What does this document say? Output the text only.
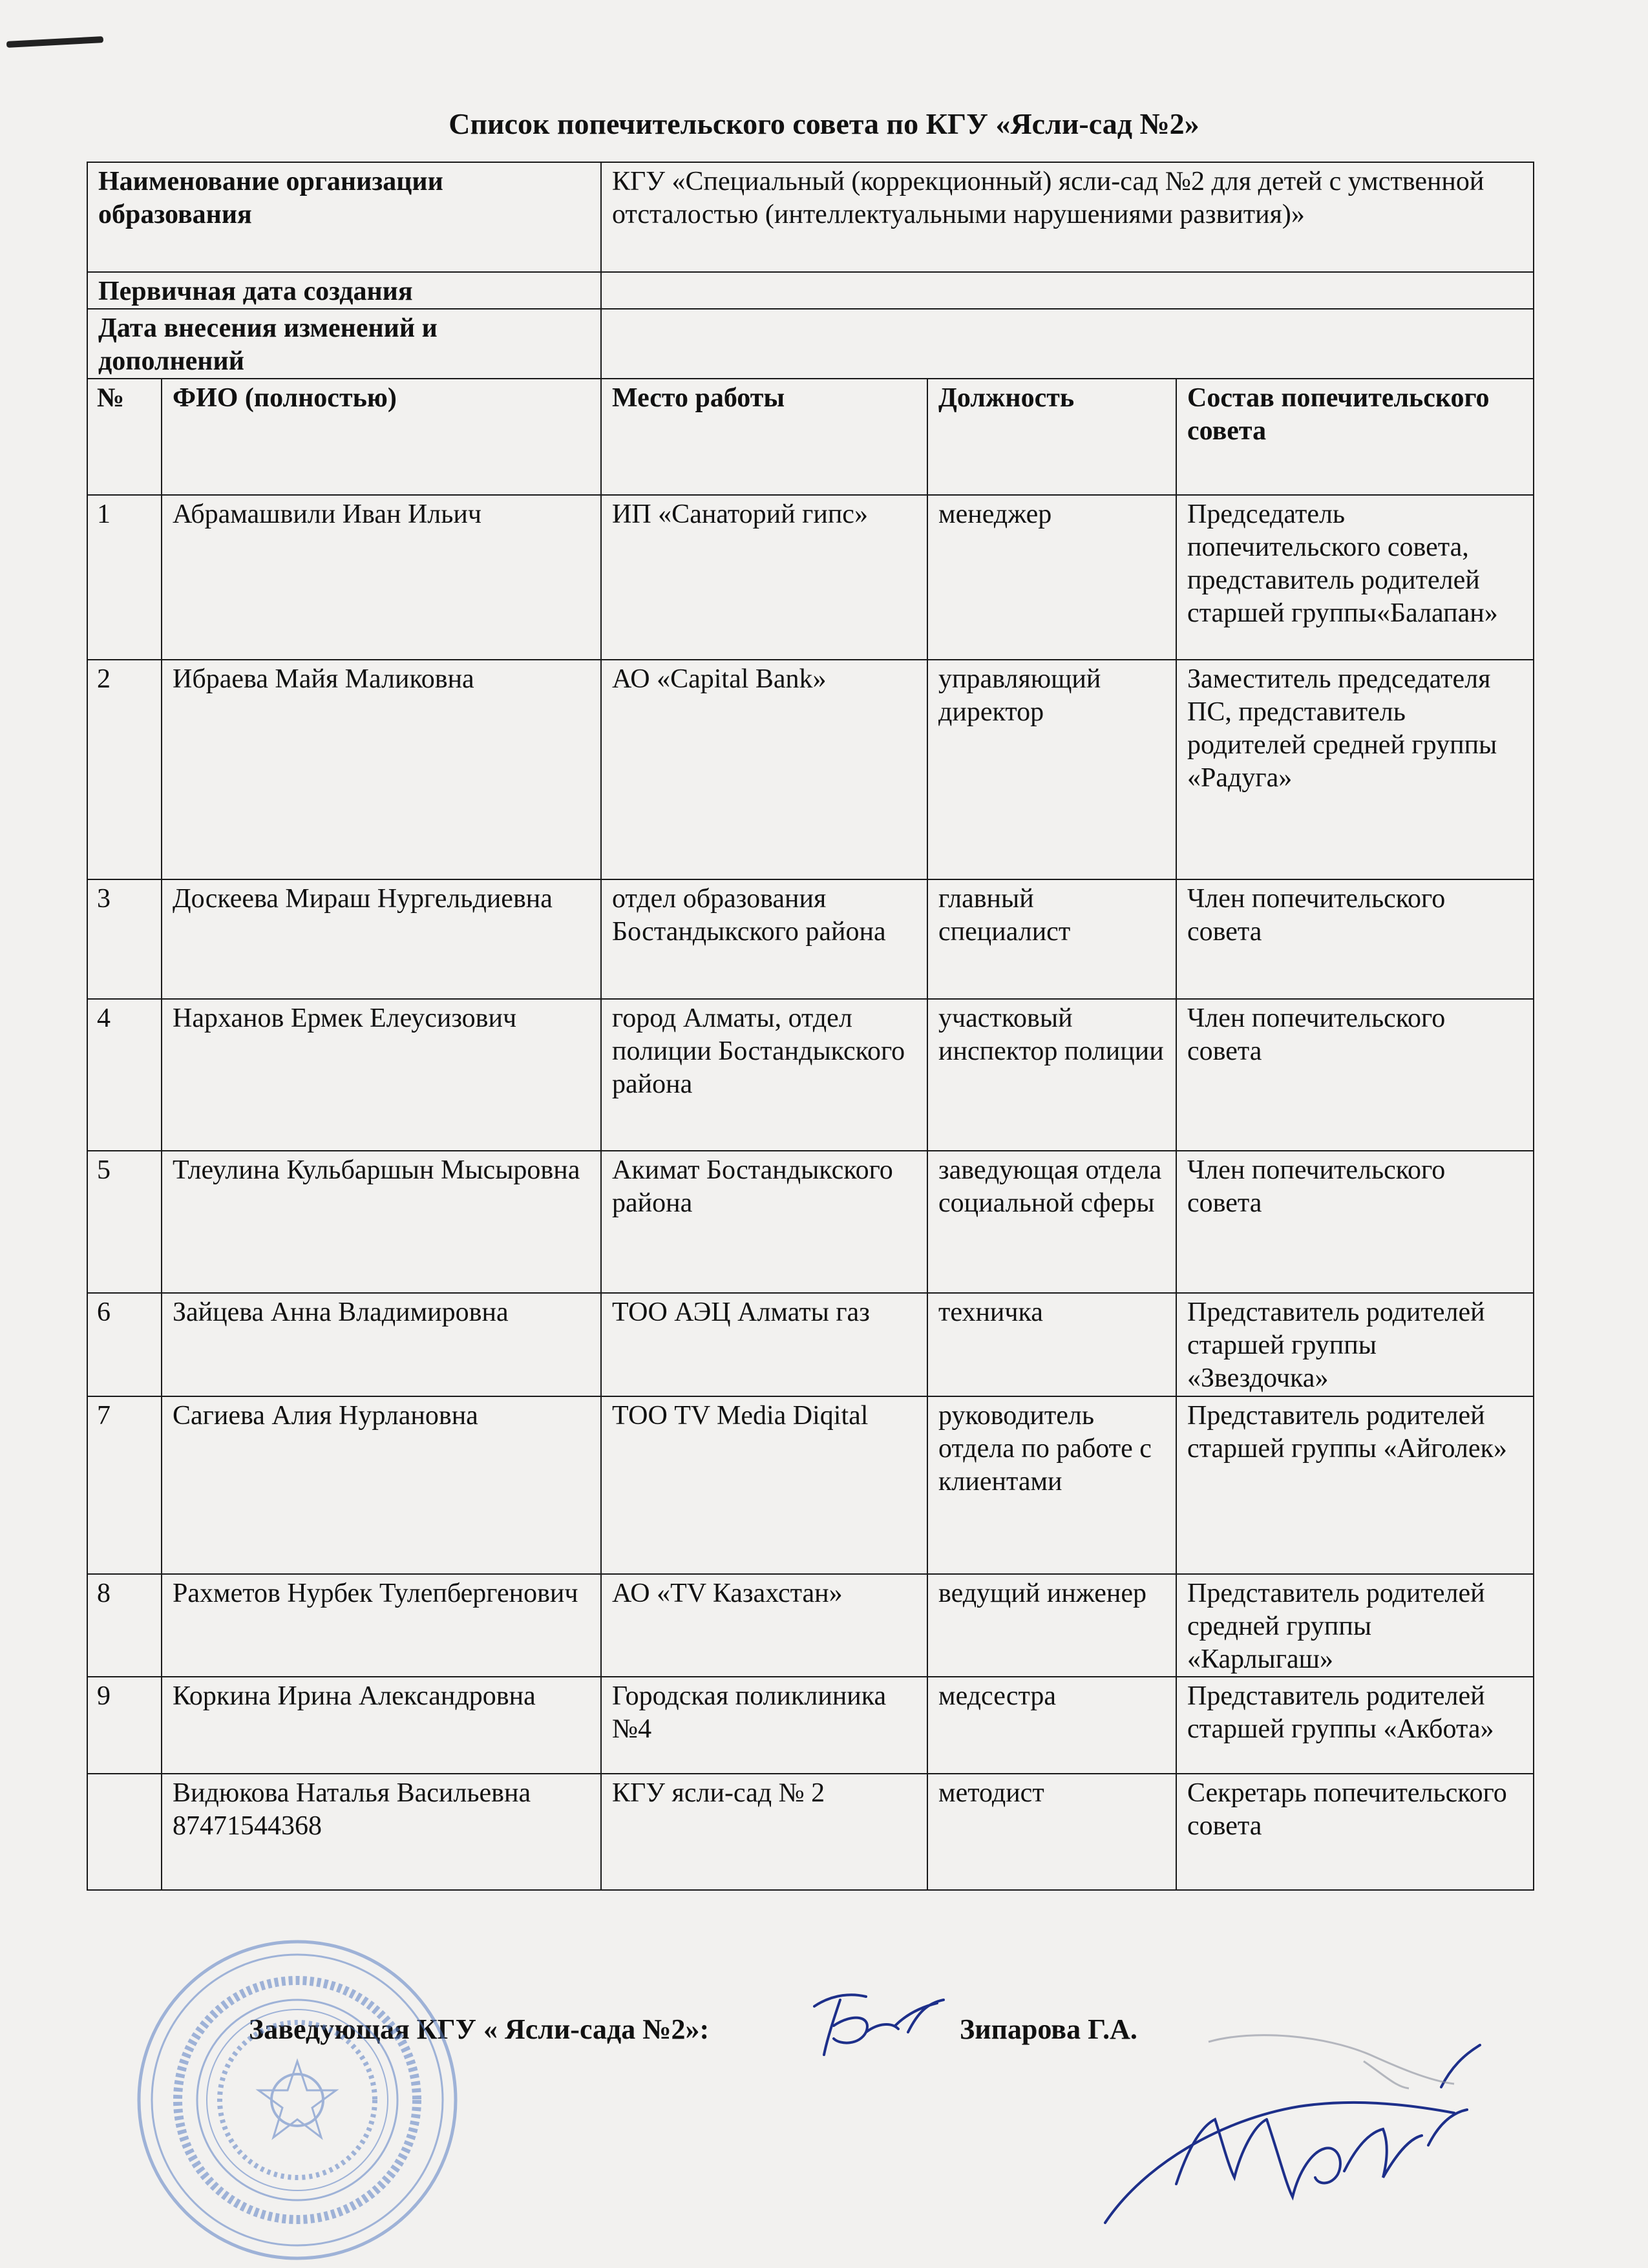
Список попечительского совета по КГУ «Ясли-сад №2»
Наименование организации образования		КГУ «Специальный (коррекционный) ясли-сад №2 для детей с умственной отсталостью (интеллектуальными нарушениями развития)»		
Первичная дата создания				
Дата внесения изменений и дополнений				
№	ФИО (полностью)	Место работы	Должность	Состав попечительского совета
1	Абрамашвили Иван Ильич	ИП «Санаторий гипс»	менеджер	Председатель попечительского совета, представитель родителей старшей группы«Балапан»
2	Ибраева Майя Маликовна	АО «Capital Bank»	управляющий директор	Заместитель председателя ПС, представитель родителей средней группы «Радуга»
3	Доскеева Мираш Нургельдиевна	отдел образования Бостандыкского района	главный специалист	Член попечительского совета
4	Нарханов Ермек Елеусизович	город Алматы, отдел полиции Бостандыкского района	участковый инспектор полиции	Член попечительского совета
5	Тлеулина Кульбаршын Мысыровна	Акимат Бостандыкского района	заведующая отдела социальной сферы	Член попечительского совета
6	Зайцева Анна Владимировна	ТОО АЭЦ Алматы газ	техничка	Представитель родителей старшей группы «Звездочка»
7	Сагиева Алия Нурлановна	ТОО TV Media Diqital	руководитель отдела по работе с клиентами	Представитель родителей старшей группы «Айголек»
8	Рахметов Нурбек Тулепбергенович	АО «TV Казахстан»	ведущий инженер	Представитель родителей средней группы «Карлыгаш»
9	Коркина Ирина Александровна	Городская поликлиника №4	медсестра	Представитель родителей старшей группы «Акбота»
	Видюкова Наталья Васильевна 87471544368	КГУ ясли-сад № 2	методист	Секретарь попечительского совета
Заведующая КГУ « Ясли-сада №2»:	Зипарова Г.А.
